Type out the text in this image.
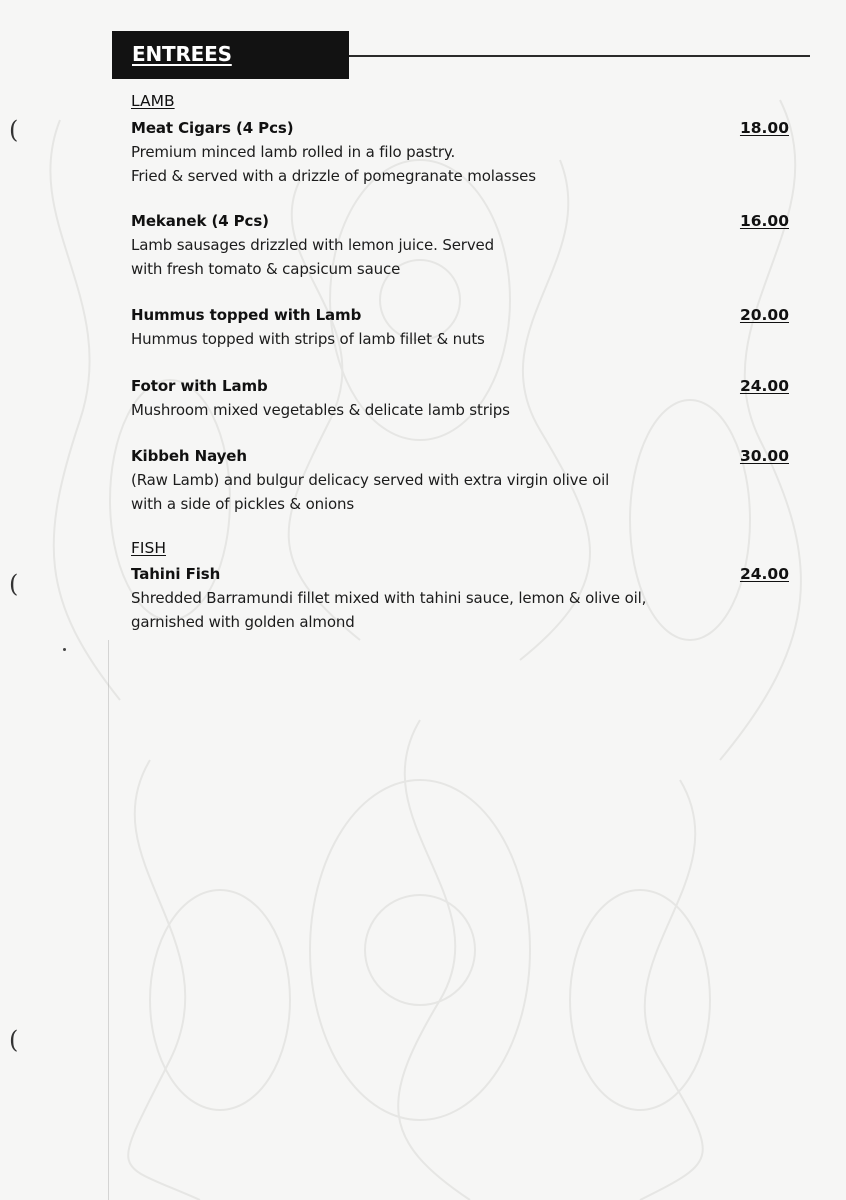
ENTREES
LAMB
Meat Cigars (4 Pcs)
Premium minced lamb rolled in a filo pastry.
Fried & served with a drizzle of pomegranate molasses
18.00
Mekanek (4 Pcs)
Lamb sausages drizzled with lemon juice. Served
with fresh tomato & capsicum sauce
16.00
Hummus topped with Lamb
Hummus topped with strips of lamb fillet & nuts
20.00
Fotor with Lamb
Mushroom mixed vegetables & delicate lamb strips
24.00
Kibbeh Nayeh
(Raw Lamb) and bulgur delicacy served with extra virgin olive oil
with a side of pickles & onions
30.00
FISH
Tahini Fish
Shredded Barramundi fillet mixed with tahini sauce, lemon & olive oil,
garnished with golden almond
24.00
(
(
(
